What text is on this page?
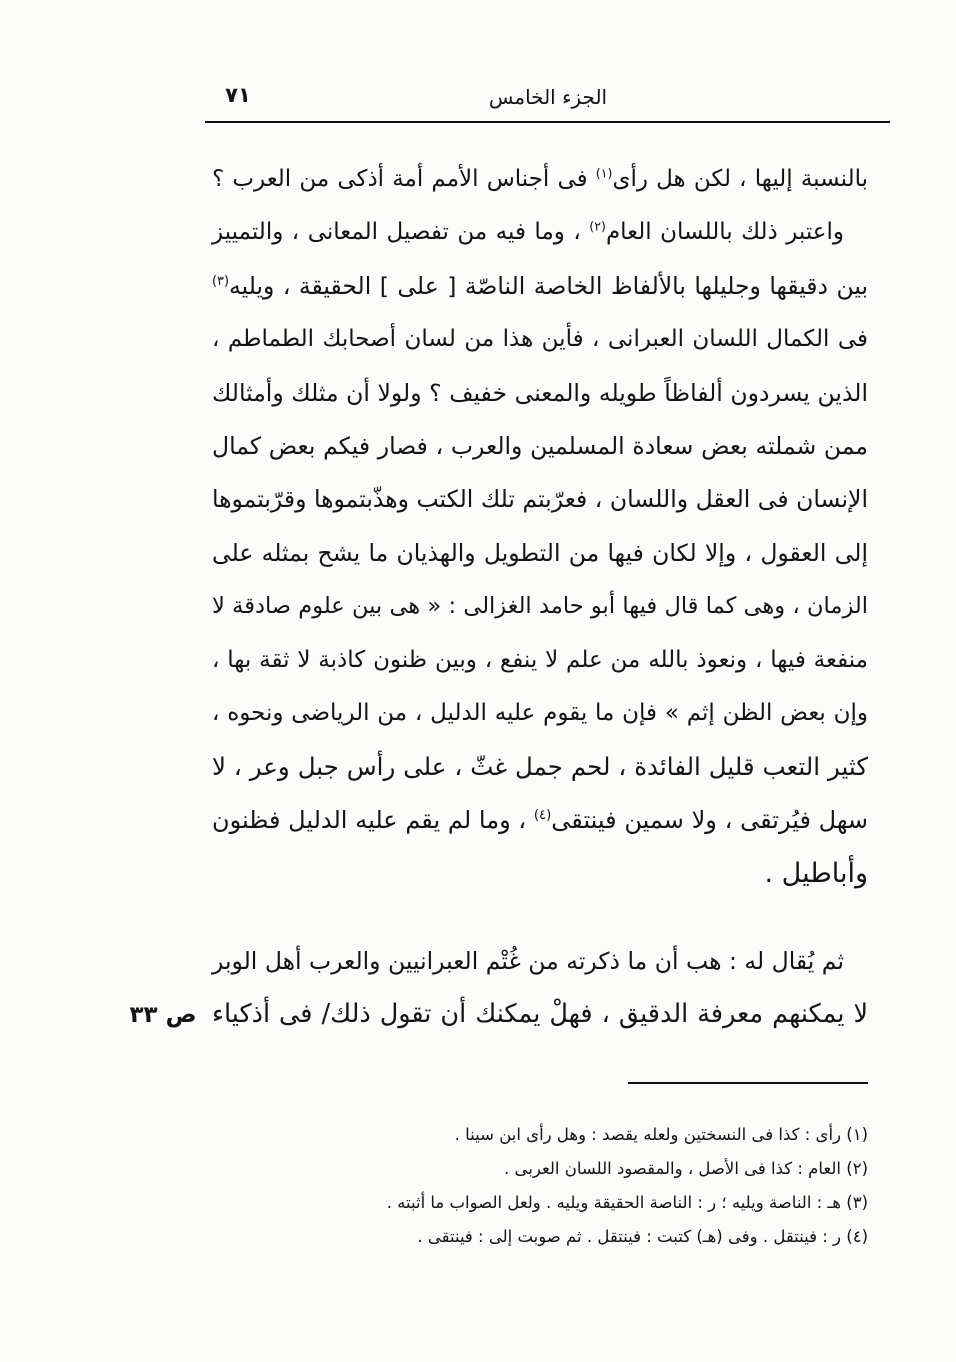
الجزء الخامس
٧١
بالنسبة إليها ، لكن هل رأى$^{(١)}$ فى أجناس الأمم أمة أذكى من العرب ؟
واعتبر ذلك باللسان العام$^{(٢)}$ ، وما فيه من تفصيل المعانى ، والتمييز
بين دقيقها وجليلها بالألفاظ الخاصة الناصّة [ على ] الحقيقة ، ويليه$^{(٣)}$
فى الكمال اللسان العبرانى ، فأين هذا من لسان أصحابك الطماطم ،
الذين يسردون ألفاظاً طويله والمعنى خفيف ؟ ولولا أن مثلك وأمثالك
ممن شملته بعض سعادة المسلمين والعرب ، فصار فيكم بعض كمال
الإنسان فى العقل واللسان ، فعرّبتم تلك الكتب وهذّبتموها وقرّبتموها
إلى العقول ، وإلا لكان فيها من التطويل والهذيان ما يشح بمثله على
الزمان ، وهى كما قال فيها أبو حامد الغزالى : « هى بين علوم صادقة لا
منفعة فيها ، ونعوذ بالله من علم لا ينفع ، وبين ظنون كاذبة لا ثقة بها ،
وإن بعض الظن إثم » فإن ما يقوم عليه الدليل ، من الرياضى ونحوه ،
كثير التعب قليل الفائدة ، لحم جمل غثّ ، على رأس جبل وعر ، لا
سهل فيُرتقى ، ولا سمين فينتقى$^{(٤)}$ ، وما لم يقم عليه الدليل فظنون
وأباطيل .
ثم يُقال له : هب أن ما ذكرته من غُتْم العبرانيين والعرب أهل الوبر
لا يمكنهم معرفة الدقيق ، فهلْ يمكنك أن تقول ذلك/ فى أذكياء
ص ٣٣
(١) رأى : كذا فى النسختين ولعله يقصد : وهل رأى ابن سينا .
(٢) العام : كذا فى الأصل ، والمقصود اللسان العربى .
(٣) هـ : الناصة ويليه ؛ ر : الناصة الحقيقة ويليه . ولعل الصواب ما أثبته .
(٤) ر : فينتقل . وفى (هـ) كتبت : فينتقل . ثم صوبت إلى : فينتقى .
